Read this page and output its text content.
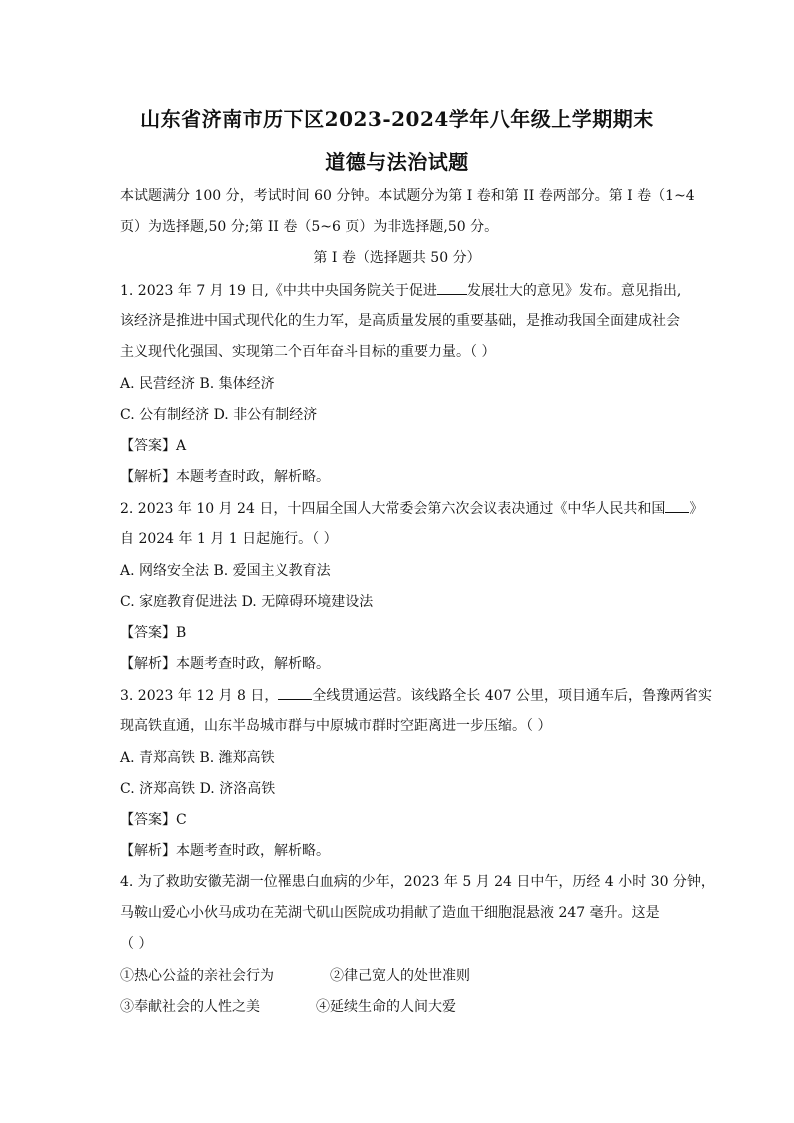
山东省济南市历下区2023-2024学年八年级上学期期末
道德与法治试题
本试题满分 100 分，考试时间 60 分钟。本试题分为第 I 卷和第 II 卷两部分。第 I 卷（1~4
页）为选择题,50 分;第 II 卷（5~6 页）为非选择题,50 分。
第 I 卷（选择题共 50 分）
1. 2023 年 7 月 19 日,《中共中央国务院关于促进 发展壮大的意见》发布。意见指出,
该经济是推进中国式现代化的生力军，是高质量发展的重要基础，是推动我国全面建成社会
主义现代化强国、实现第二个百年奋斗目标的重要力量。（ ）
A. 民营经济 B. 集体经济
C. 公有制经济 D. 非公有制经济
【答案】A
【解析】本题考查时政，解析略。
2. 2023 年 10 月 24 日，十四届全国人大常委会第六次会议表决通过《中华人民共和国 》
自 2024 年 1 月 1 日起施行。（ ）
A. 网络安全法 B. 爱国主义教育法
C. 家庭教育促进法 D. 无障碍环境建设法
【答案】B
【解析】本题考查时政，解析略。
3. 2023 年 12 月 8 日， 全线贯通运营。该线路全长 407 公里，项目通车后，鲁豫两省实
现高铁直通，山东半岛城市群与中原城市群时空距离进一步压缩。（ ）
A. 青郑高铁 B. 潍郑高铁
C. 济郑高铁 D. 济洛高铁
【答案】C
【解析】本题考查时政，解析略。
4. 为了救助安徽芜湖一位罹患白血病的少年，2023 年 5 月 24 日中午，历经 4 小时 30 分钟，
马鞍山爱心小伙马成功在芜湖弋矶山医院成功捐献了造血干细胞混悬液 247 毫升。这是
（ ）
①热心公益的亲社会行为	②律己宽人的处世准则
③奉献社会的人性之美	④延续生命的人间大爱
